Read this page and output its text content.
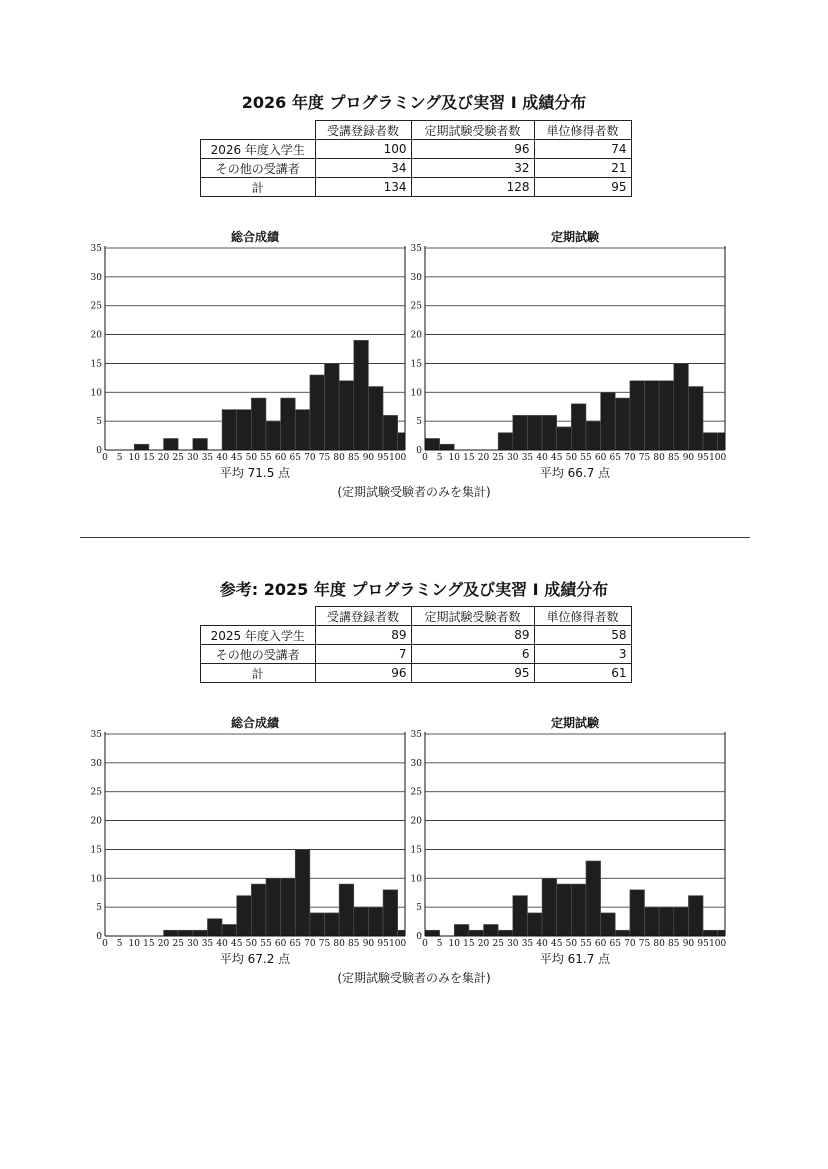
2026 年度 プログラミング及び実習 I 成績分布
	受講登録者数	定期試験受験者数	単位修得者数
2026 年度入学生	100	96	74
その他の受講者	34	32	21
計	134	128	95
総合成績
0
5
10
15
20
25
30
35
0 5 10 15 20 25 30 35 40 45 50 55 60 65 70 75 80 85 90 95 100
平均 71.5 点
定期試験
0
5
10
15
20
25
30
35
0 5 10 15 20 25 30 35 40 45 50 55 60 65 70 75 80 85 90 95 100
平均 66.7 点
(定期試験受験者のみを集計)
参考: 2025 年度 プログラミング及び実習 I 成績分布
	受講登録者数	定期試験受験者数	単位修得者数
2025 年度入学生	89	89	58
その他の受講者	7	6	3
計	96	95	61
総合成績
0
5
10
15
20
25
30
35
0 5 10 15 20 25 30 35 40 45 50 55 60 65 70 75 80 85 90 95 100
平均 67.2 点
定期試験
0
5
10
15
20
25
30
35
0 5 10 15 20 25 30 35 40 45 50 55 60 65 70 75 80 85 90 95 100
平均 61.7 点
(定期試験受験者のみを集計)
